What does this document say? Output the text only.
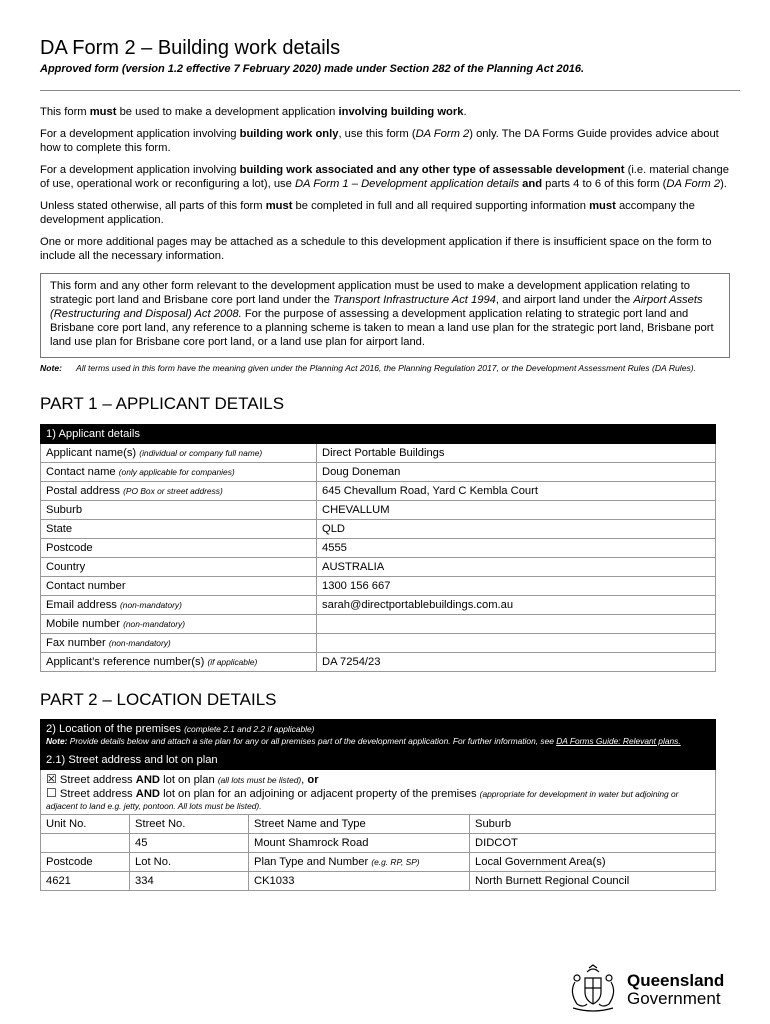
DA Form 2 – Building work details
Approved form (version 1.2 effective 7 February 2020) made under Section 282 of the Planning Act 2016.

This form must be used to make a development application involving building work.

For a development application involving building work only, use this form (DA Form 2) only. The DA Forms Guide provides advice about how to complete this form.

For a development application involving building work associated and any other type of assessable development (i.e. material change of use, operational work or reconfiguring a lot), use DA Form 1 – Development application details and parts 4 to 6 of this form (DA Form 2).

Unless stated otherwise, all parts of this form must be completed in full and all required supporting information must accompany the development application.

One or more additional pages may be attached as a schedule to this development application if there is insufficient space on the form to include all the necessary information.

This form and any other form relevant to the development application must be used to make a development application relating to strategic port land and Brisbane core port land under the Transport Infrastructure Act 1994, and airport land under the Airport Assets (Restructuring and Disposal) Act 2008. For the purpose of assessing a development application relating to strategic port land and Brisbane core port land, any reference to a planning scheme is taken to mean a land use plan for the strategic port land, Brisbane port land use plan for Brisbane core port land, or a land use plan for airport land.
Note:	All terms used in this form have the meaning given under the Planning Act 2016, the Planning Regulation 2017, or the Development Assessment Rules (DA Rules).
PART 1 – APPLICANT DETAILS
1) Applicant details	
Applicant name(s) (individual or company full name)	Direct Portable Buildings
Contact name (only applicable for companies)	Doug Doneman
Postal address (PO Box or street address)	645 Chevallum Road, Yard C Kembla Court
Suburb	CHEVALLUM
State	QLD
Postcode	4555
Country	AUSTRALIA
Contact number	1300 156 667
Email address (non-mandatory)	sarah@directportablebuildings.com.au
Mobile number (non-mandatory)	
Fax number (non-mandatory)	
Applicant’s reference number(s) (if applicable)	DA 7254/23
PART 2 – LOCATION DETAILS
2) Location of the premises (complete 2.1 and 2.2 if applicable)
Note: Provide details below and attach a site plan for any or all premises part of the development application. For further information, see DA Forms Guide: Relevant plans.			
2.1) Street address and lot on plan			

☒ Street address AND lot on plan (all lots must be listed), or
☐ Street address AND lot on plan for an adjoining or adjacent property of the premises (appropriate for development in water but adjoining or adjacent to land e.g. jetty, pontoon. All lots must be listed).			

Unit No.	Street No.	Street Name and Type	Suburb
	45	Mount Shamrock Road	DIDCOT
Postcode	Lot No.	Plan Type and Number (e.g. RP, SP)	Local Government Area(s)
4621	334	CK1033	North Burnett Regional Council
Queensland
Government
